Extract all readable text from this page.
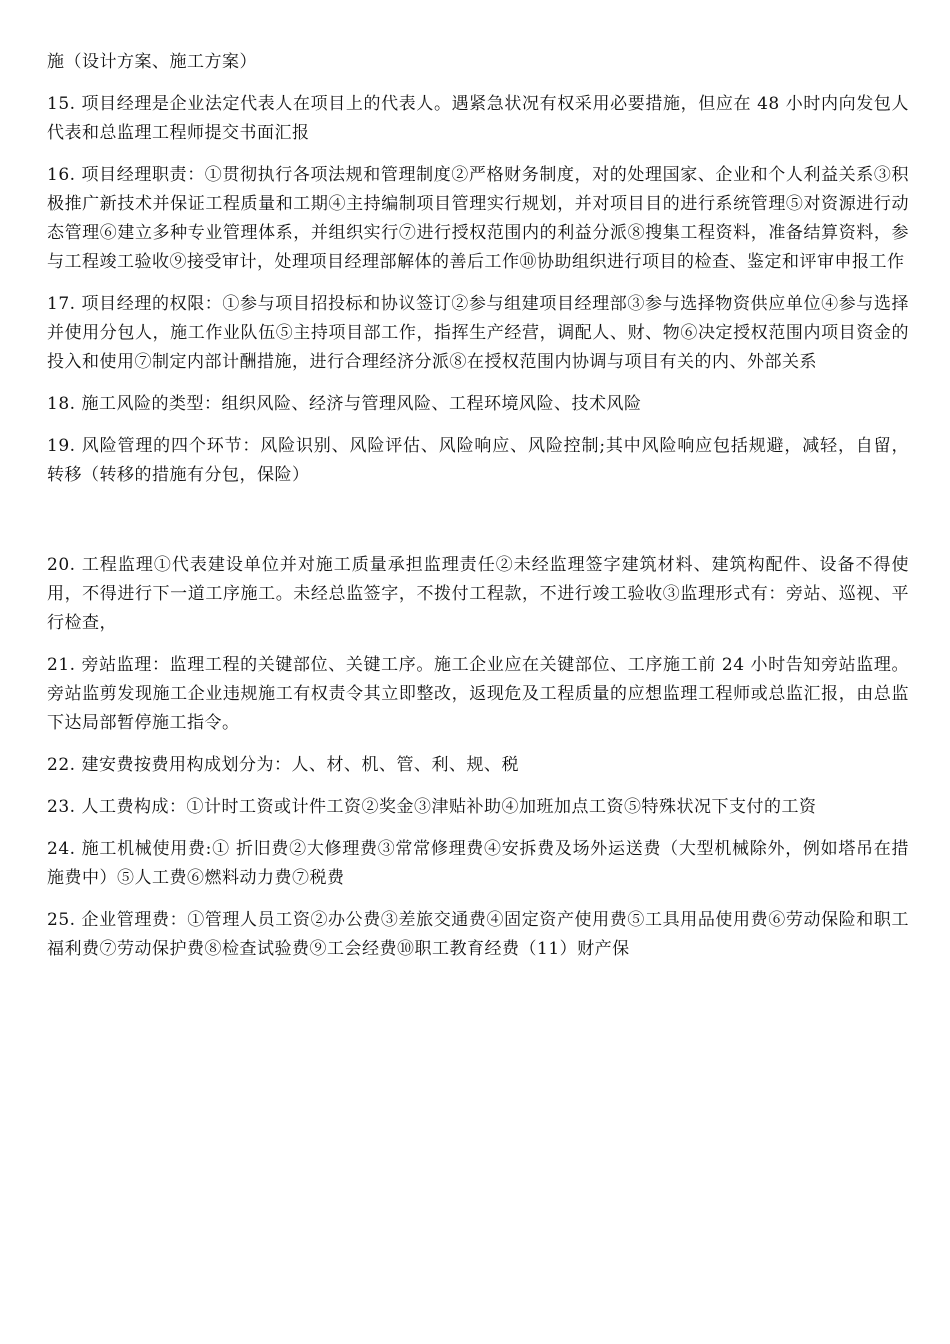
施（设计方案、施工方案）

15. 项目经理是企业法定代表人在项目上的代表人。遇紧急状况有权采用必要措施，但应在 48 小时内向发包人代表和总监理工程师提交书面汇报

16. 项目经理职责：①贯彻执行各项法规和管理制度②严格财务制度，对的处理国家、企业和个人利益关系③积极推广新技术并保证工程质量和工期④主持编制项目管理实行规划，并对项目目的进行系统管理⑤对资源进行动态管理⑥建立多种专业管理体系，并组织实行⑦进行授权范围内的利益分派⑧搜集工程资料，准备结算资料，参与工程竣工验收⑨接受审计，处理项目经理部解体的善后工作⑩协助组织进行项目的检查、鉴定和评审申报工作

17. 项目经理的权限：①参与项目招投标和协议签订②参与组建项目经理部③参与选择物资供应单位④参与选择并使用分包人，施工作业队伍⑤主持项目部工作，指挥生产经营，调配人、财、物⑥决定授权范围内项目资金的投入和使用⑦制定内部计酬措施，进行合理经济分派⑧在授权范围内协调与项目有关的内、外部关系

18. 施工风险的类型：组织风险、经济与管理风险、工程环境风险、技术风险

19. 风险管理的四个环节：风险识别、风险评估、风险响应、风险控制;其中风险响应包括规避，减轻，自留，转移（转移的措施有分包，保险）

20. 工程监理①代表建设单位并对施工质量承担监理责任②未经监理签字建筑材料、建筑构配件、设备不得使用，不得进行下一道工序施工。未经总监签字，不拨付工程款，不进行竣工验收③监理形式有：旁站、巡视、平行检查，

21. 旁站监理：监理工程的关键部位、关键工序。施工企业应在关键部位、工序施工前 24 小时告知旁站监理。旁站监剪发现施工企业违规施工有权责令其立即整改，返现危及工程质量的应想监理工程师或总监汇报，由总监下达局部暂停施工指令。

22. 建安费按费用构成划分为：人、材、机、管、利、规、税

23. 人工费构成：①计时工资或计件工资②奖金③津贴补助④加班加点工资⑤特殊状况下支付的工资

24. 施工机械使用费:① 折旧费②大修理费③常常修理费④安拆费及场外运送费（大型机械除外，例如塔吊在措施费中）⑤人工费⑥燃料动力费⑦税费

25. 企业管理费：①管理人员工资②办公费③差旅交通费④固定资产使用费⑤工具用品使用费⑥劳动保险和职工福利费⑦劳动保护费⑧检查试验费⑨工会经费⑩职工教育经费（11）财产保
